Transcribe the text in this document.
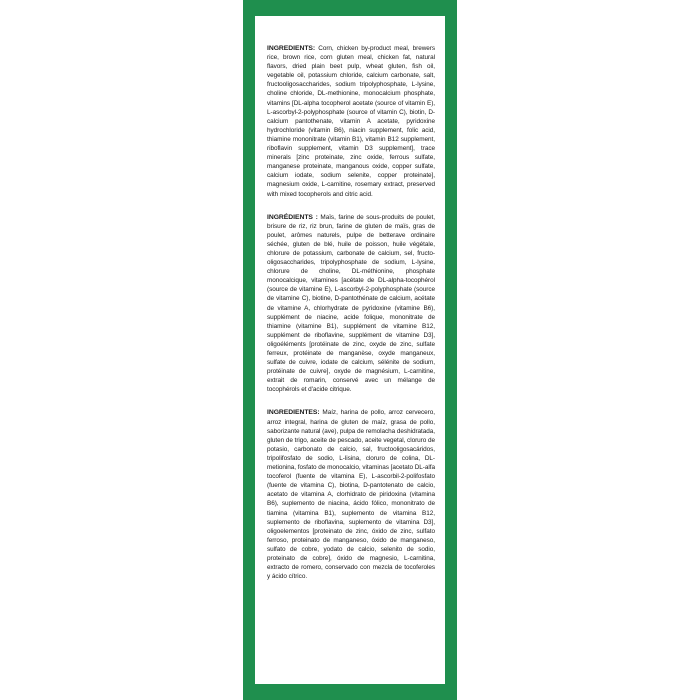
INGREDIENTS: Corn, chicken by-product meal, brewers rice, brown rice, corn gluten meal, chicken fat, natural flavors, dried plain beet pulp, wheat gluten, fish oil, vegetable oil, potassium chloride, calcium carbonate, salt, fructooligosaccharides, sodium tripolyphosphate, L-lysine, choline chloride, DL-methionine, monocalcium phosphate, vitamins [DL-alpha tocopherol acetate (source of vitamin E), L-ascorbyl-2-polyphosphate (source of vitamin C), biotin, D-calcium pantothenate, vitamin A acetate, pyridoxine hydrochloride (vitamin B6), niacin supplement, folic acid, thiamine mononitrate (vitamin B1), vitamin B12 supplement, riboflavin supplement, vitamin D3 supplement], trace minerals [zinc proteinate, zinc oxide, ferrous sulfate, manganese proteinate, manganous oxide, copper sulfate, calcium iodate, sodium selenite, copper proteinate], magnesium oxide, L-carnitine, rosemary extract, preserved with mixed tocopherols and citric acid.

INGRÉDIENTS : Maïs, farine de sous-produits de poulet, brisure de riz, riz brun, farine de gluten de maïs, gras de poulet, arômes naturels, pulpe de betterave ordinaire séchée, gluten de blé, huile de poisson, huile végétale, chlorure de potassium, carbonate de calcium, sel, fructo-oligosaccharides, tripolyphosphate de sodium, L-lysine, chlorure de choline, DL-méthionine, phosphate monocalcique, vitamines [acétate de DL-alpha-tocophérol (source de vitamine E), L-ascorbyl-2-polyphosphate (source de vitamine C), biotine, D-pantothénate de calcium, acétate de vitamine A, chlorhydrate de pyridoxine (vitamine B6), supplément de niacine, acide folique, mononitrate de thiamine (vitamine B1), supplément de vitamine B12, supplément de riboflavine, supplément de vitamine D3], oligoéléments [protéinate de zinc, oxyde de zinc, sulfate ferreux, protéinate de manganèse, oxyde manganeux, sulfate de cuivre, iodate de calcium, sélénite de sodium, protéinate de cuivre], oxyde de magnésium, L-carnitine, extrait de romarin, conservé avec un mélange de tocophérols et d'acide citrique.

INGREDIENTES: Maíz, harina de pollo, arroz cervecero, arroz integral, harina de gluten de maíz, grasa de pollo, saborizante natural (ave), pulpa de remolacha deshidratada, gluten de trigo, aceite de pescado, aceite vegetal, cloruro de potasio, carbonato de calcio, sal, fructooligosacáridos, tripolifosfato de sodio, L-lisina, cloruro de colina, DL-metionina, fosfato de monocalcio, vitaminas [acetato DL-alfa tocoferol (fuente de vitamina E), L-ascorbil-2-polifosfato (fuente de vitamina C), biotina, D-pantotenato de calcio, acetato de vitamina A, clorhidrato de piridoxina (vitamina B6), suplemento de niacina, ácido fólico, mononitrato de tiamina (vitamina B1), suplemento de vitamina B12, suplemento de riboflavina, suplemento de vitamina D3], oligoelementos [proteinato de zinc, óxido de zinc, sulfato ferroso, proteinato de manganeso, óxido de manganeso, sulfato de cobre, yodato de calcio, selenito de sodio, proteinato de cobre], óxido de magnesio, L-carnitina, extracto de romero, conservado con mezcla de tocoferoles y ácido cítrico.
